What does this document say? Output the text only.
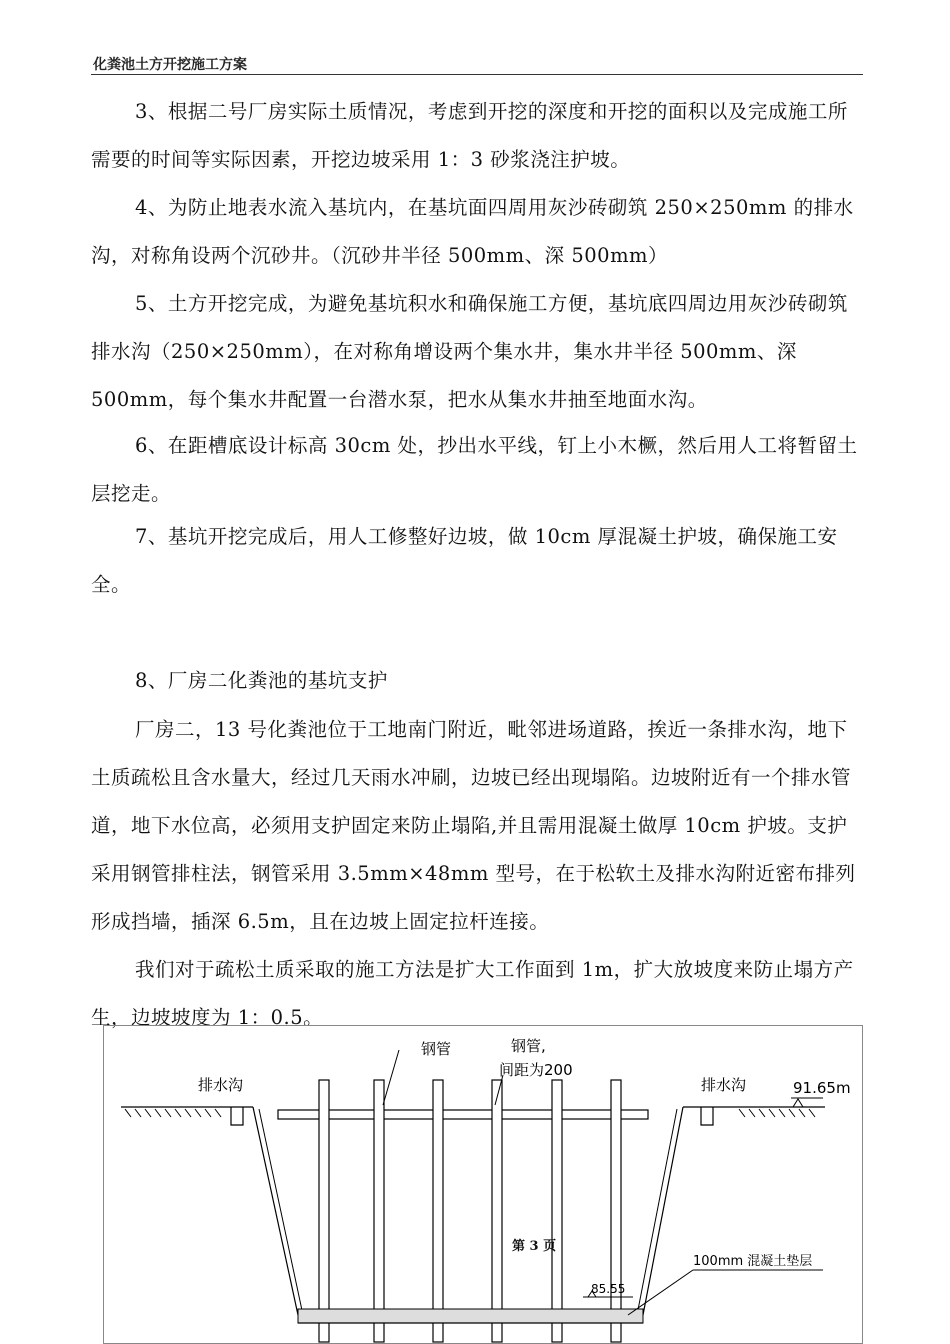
化粪池土方开挖施工方案

3、根据二号厂房实际土质情况，考虑到开挖的深度和开挖的面积以及完成施工所需要的时间等实际因素，开挖边坡采用 1：3 砂浆浇注护坡。

4、为防止地表水流入基坑内，在基坑面四周用灰沙砖砌筑 250×250mm 的排水沟，对称角设两个沉砂井。（沉砂井半径 500mm、深 500mm）

5、土方开挖完成，为避免基坑积水和确保施工方便，基坑底四周边用灰沙砖砌筑排水沟（250×250mm），在对称角增设两个集水井，集水井半径 500mm、深 500mm，每个集水井配置一台潜水泵，把水从集水井抽至地面水沟。

6、在距槽底设计标高 30cm 处，抄出水平线，钉上小木橛，然后用人工将暂留土层挖走。

7、基坑开挖完成后，用人工修整好边坡，做 10cm 厚混凝土护坡，确保施工安全。

8、厂房二化粪池的基坑支护

厂房二，13 号化粪池位于工地南门附近，毗邻进场道路，挨近一条排水沟，地下土质疏松且含水量大，经过几天雨水冲刷，边坡已经出现塌陷。边坡附近有一个排水管道，地下水位高，必须用支护固定来防止塌陷,并且需用混凝土做厚 10cm 护坡。支护采用钢管排柱法，钢管采用 3.5mm×48mm 型号，在于松软土及排水沟附近密布排列形成挡墙，插深 6.5m，且在边坡上固定拉杆连接。

我们对于疏松土质采取的施工方法是扩大工作面到 1m，扩大放坡度来防止塌方产生，边坡坡度为 1：0.5。

钢管	钢管,
间距为200
排水沟	排水沟	91.65m
85.55
100mm 混凝土垫层
第 3 页
